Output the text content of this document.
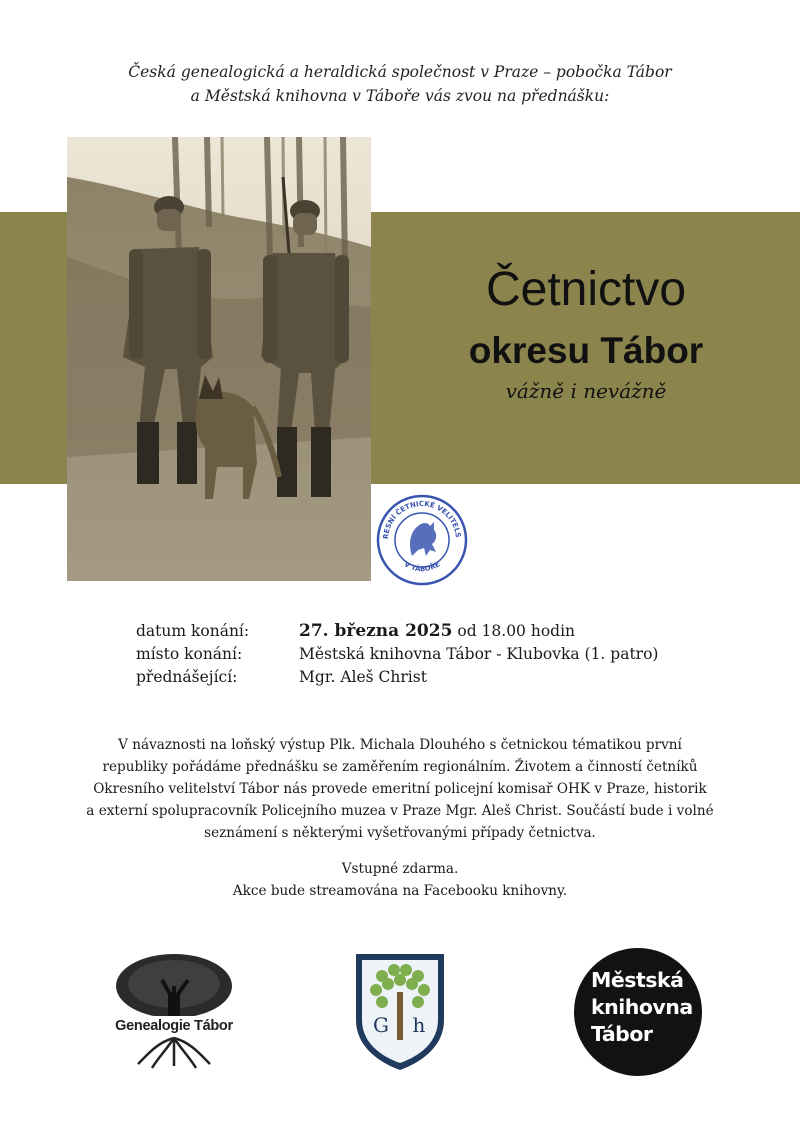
Česká genealogická a heraldická společnost v Praze – pobočka Tábor
a Městská knihovna v Táboře vás zvou na přednášku:
Četnictvo
okresu Tábor
vážně i nevážně
RESNÍ ČETNICKÉ VELITELS
V TÁBOŘE
datum konání:	27. března 2025 od 18.00 hodin
místo konání:	Městská knihovna Tábor - Klubovka (1. patro)
přednášející:	Mgr. Aleš Christ
V návaznosti na loňský výstup Plk. Michala Dlouhého s četnickou tématikou první
republiky pořádáme přednášku se zaměřením regionálním. Životem a činností četníků
Okresního velitelství Tábor nás provede emeritní policejní komisař OHK v Praze, historik
a externí spolupracovník Policejního muzea v Praze Mgr. Aleš Christ. Součástí bude i volné
seznámení s některými vyšetřovanými případy četnictva.
Vstupné zdarma.
Akce bude streamována na Facebooku knihovny.
Genealogie Tábor	G h
Městská
knihovna
Tábor
